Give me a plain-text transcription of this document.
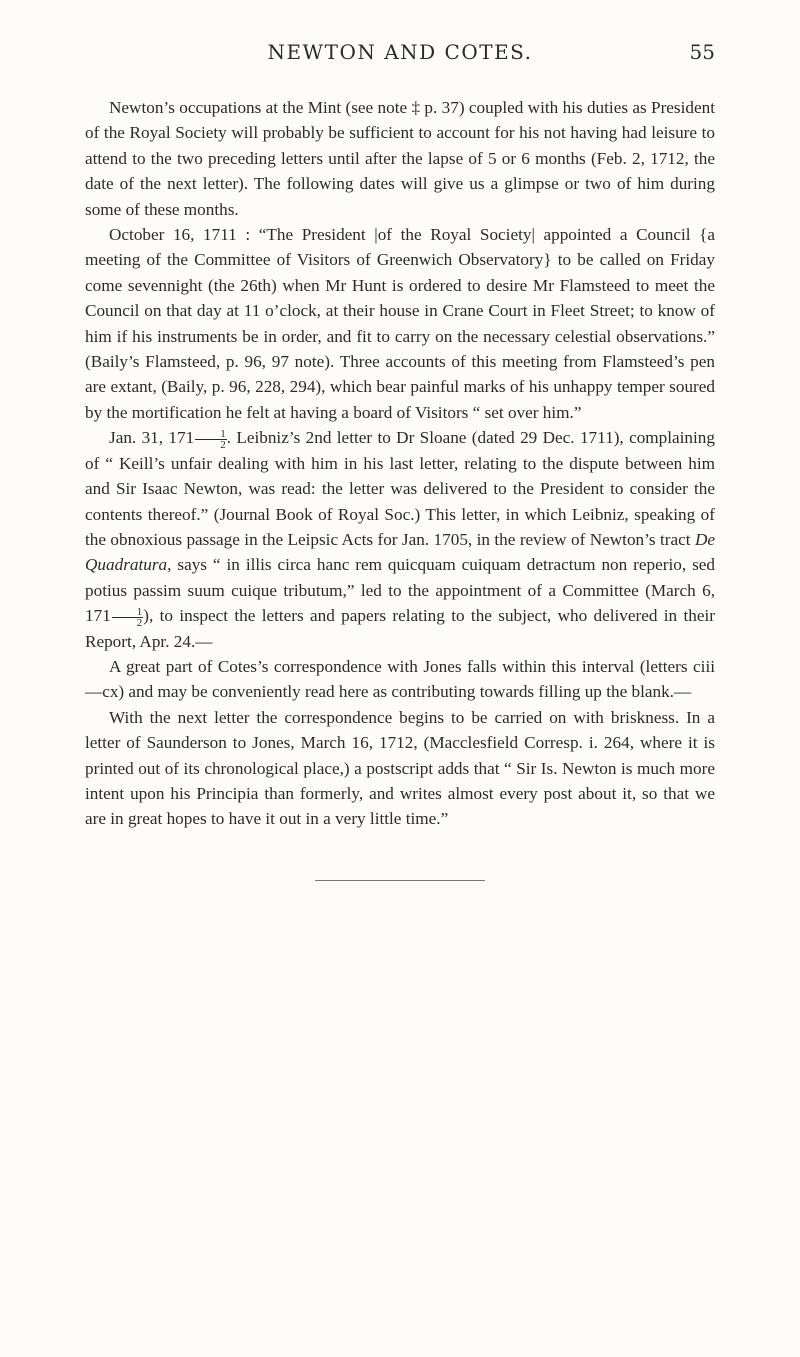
NEWTON AND COTES.	55

Newton’s occupations at the Mint (see note ‡ p. 37) coupled with his duties as President of the Royal Society will probably be sufficient to account for his not having had leisure to attend to the two preceding letters until after the lapse of 5 or 6 months (Feb. 2, 1712, the date of the next letter). The following dates will give us a glimpse or two of him during some of these months.

October 16, 1711 : “The President |of the Royal Society| appointed a Council {a meeting of the Committee of Visitors of Greenwich Observatory} to be called on Friday come sevennight (the 26th) when Mr Hunt is ordered to desire Mr Flamsteed to meet the Council on that day at 11 o’clock, at their house in Crane Court in Fleet Street; to know of him if his instruments be in order, and fit to carry on the necessary celestial observations.” (Baily’s Flamsteed, p. 96, 97 note). Three accounts of this meeting from Flamsteed’s pen are extant, (Baily, p. 96, 228, 294), which bear painful marks of his unhappy temper soured by the mortification he felt at having a board of Visitors “ set over him.”

Jan. 31, $171 \frac{1}{2}$ . Leibniz’s 2nd letter to Dr Sloane (dated 29 Dec. 1711), complaining of “ Keill’s unfair dealing with him in his last letter, relating to the dispute between him and Sir Isaac Newton, was read: the letter was delivered to the President to consider the contents thereof.” (Journal Book of Royal Soc.) This letter, in which Leibniz, speaking of the obnoxious passage in the Leipsic Acts for Jan. 1705, in the review of Newton’s tract De Quadratura, says “ in illis circa hanc rem quicquam cuiquam detractum non reperio, sed potius passim suum cuique tributum,” led to the appointment of a Committee (March 6, $171 \frac{1}{2}$ ), to inspect the letters and papers relating to the subject, who delivered in their Report, Apr. 24.—

A great part of Cotes’s correspondence with Jones falls within this interval (letters ciii—cx) and may be conveniently read here as contributing towards filling up the blank.—

With the next letter the correspondence begins to be carried on with briskness. In a letter of Saunderson to Jones, March 16, 1712, (Macclesfield Corresp. i. 264, where it is printed out of its chronological place,) a postscript adds that “ Sir Is. Newton is much more intent upon his Principia than formerly, and writes almost every post about it, so that we are in great hopes to have it out in a very little time.”
